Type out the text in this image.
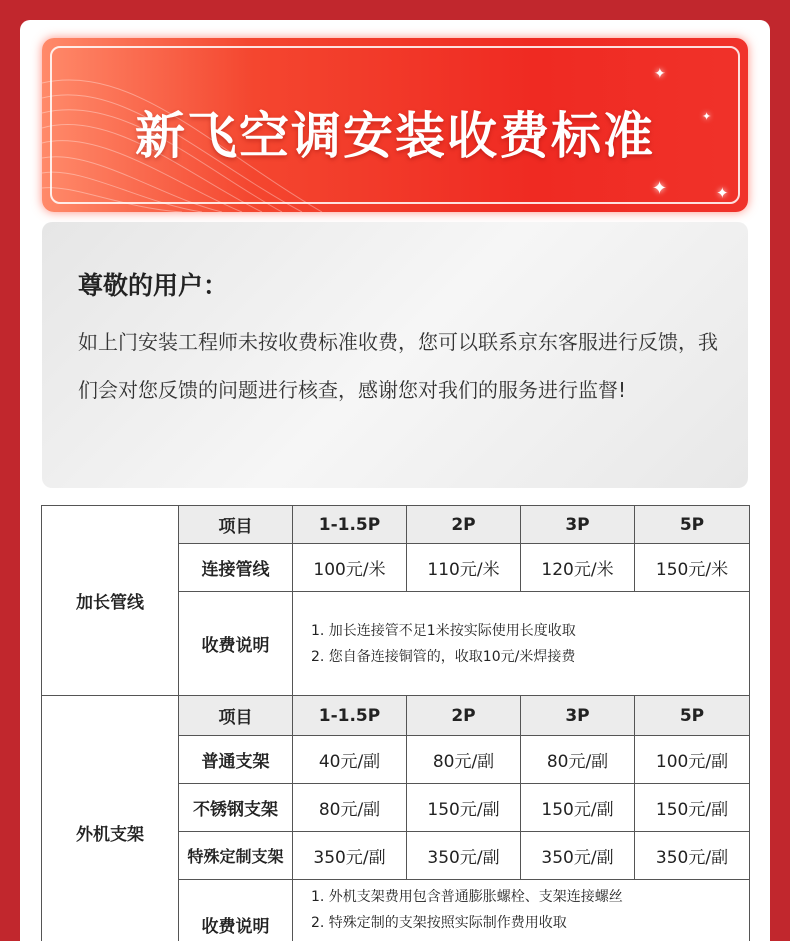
新飞空调安装收费标准
✦
✦
✦	✦
尊敬的用户：
如上门安装工程师未按收费标准收费，您可以联系京东客服进行反馈，我们会对您反馈的问题进行核查，感谢您对我们的服务进行监督!
加长管线	项目	1-1.5P	2P	3P	5P
	连接管线	100元/米	110元/米	120元/米	150元/米
	收费说明	1. 加长连接管不足1米按实际使用长度收取
2. 您自备连接铜管的，收取10元/米焊接费			

外机支架	项目	1-1.5P	2P	3P	5P
	普通支架	40元/副	80元/副	80元/副	100元/副
	不锈钢支架	80元/副	150元/副	150元/副	150元/副
	特殊定制支架	350元/副	350元/副	350元/副	350元/副
	收费说明	1. 外机支架费用包含普通膨胀螺栓、支架连接螺丝
2. 特殊定制的支架按照实际制作费用收取			
